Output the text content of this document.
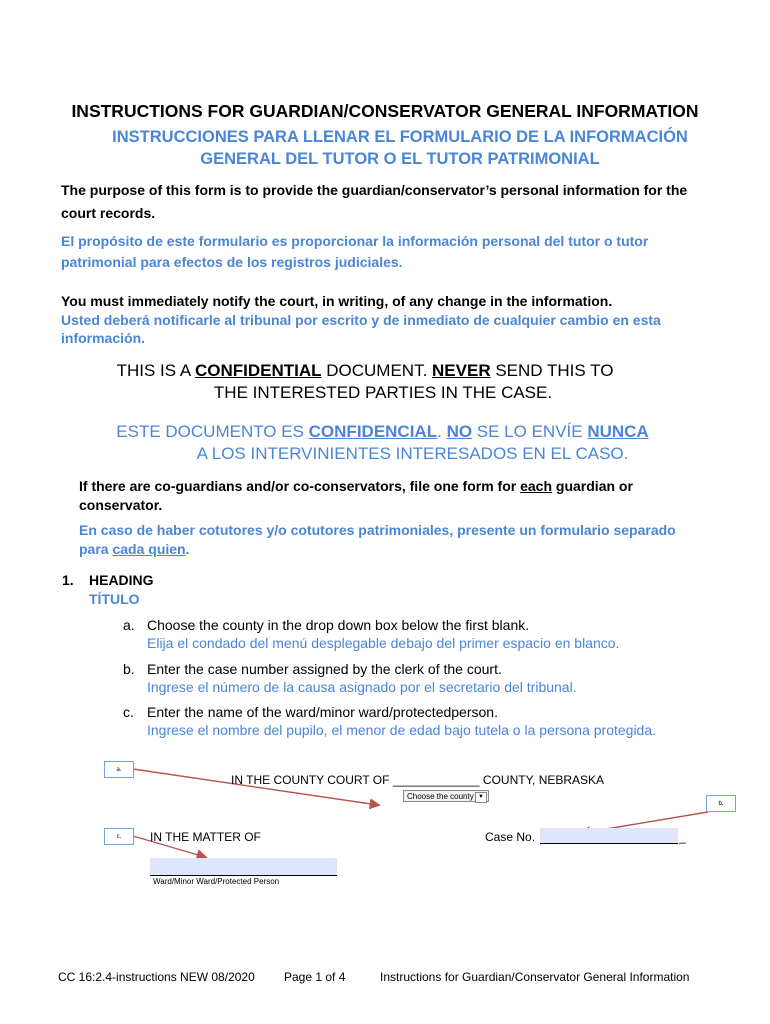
INSTRUCTIONS FOR GUARDIAN/CONSERVATOR GENERAL INFORMATION
INSTRUCCIONES PARA LLENAR EL FORMULARIO DE LA INFORMACIÓN
GENERAL DEL TUTOR O EL TUTOR PATRIMONIAL
The purpose of this form is to provide the guardian/conservator’s personal information for the court records.
El propósito de este formulario es proporcionar la información personal del tutor o tutor patrimonial para efectos de los registros judiciales.
You must immediately notify the court, in writing, of any change in the information.
Usted deberá notificarle al tribunal por escrito y de inmediato de cualquier cambio en esta información.
THIS IS A CONFIDENTIAL DOCUMENT. NEVER SEND THIS TO
THE INTERESTED PARTIES IN THE CASE.
ESTE DOCUMENTO ES CONFIDENCIAL. NO SE LO ENVÍE NUNCA
A LOS INTERVINIENTES INTERESADOS EN EL CASO.
If there are co-guardians and/or co-conservators, file one form for each guardian or conservator.
En caso de haber cotutores y/o cotutores patrimoniales, presente un formulario separado para cada quien.
1. HEADING
TÍTULO
a. Choose the county in the drop down box below the first blank.
Elija el condado del menú desplegable debajo del primer espacio en blanco.
b. Enter the case number assigned by the clerk of the court.
Ingrese el número de la causa asignado por el secretario del tribunal.
c. Enter the name of the ward/minor ward/protectedperson.
Ingrese el nombre del pupilo, el menor de edad bajo tutela o la persona protegida.
a.
b.
c.
IN THE COUNTY COURT OF _____________ COUNTY, NEBRASKA
Choose the county ▼
IN THE MATTER OF	Case No.	_
Ward/Minor Ward/Protected Person
CC 16:2.4-instructions NEW 08/2020 Page 1 of 4	Instructions for Guardian/Conservator General Information
